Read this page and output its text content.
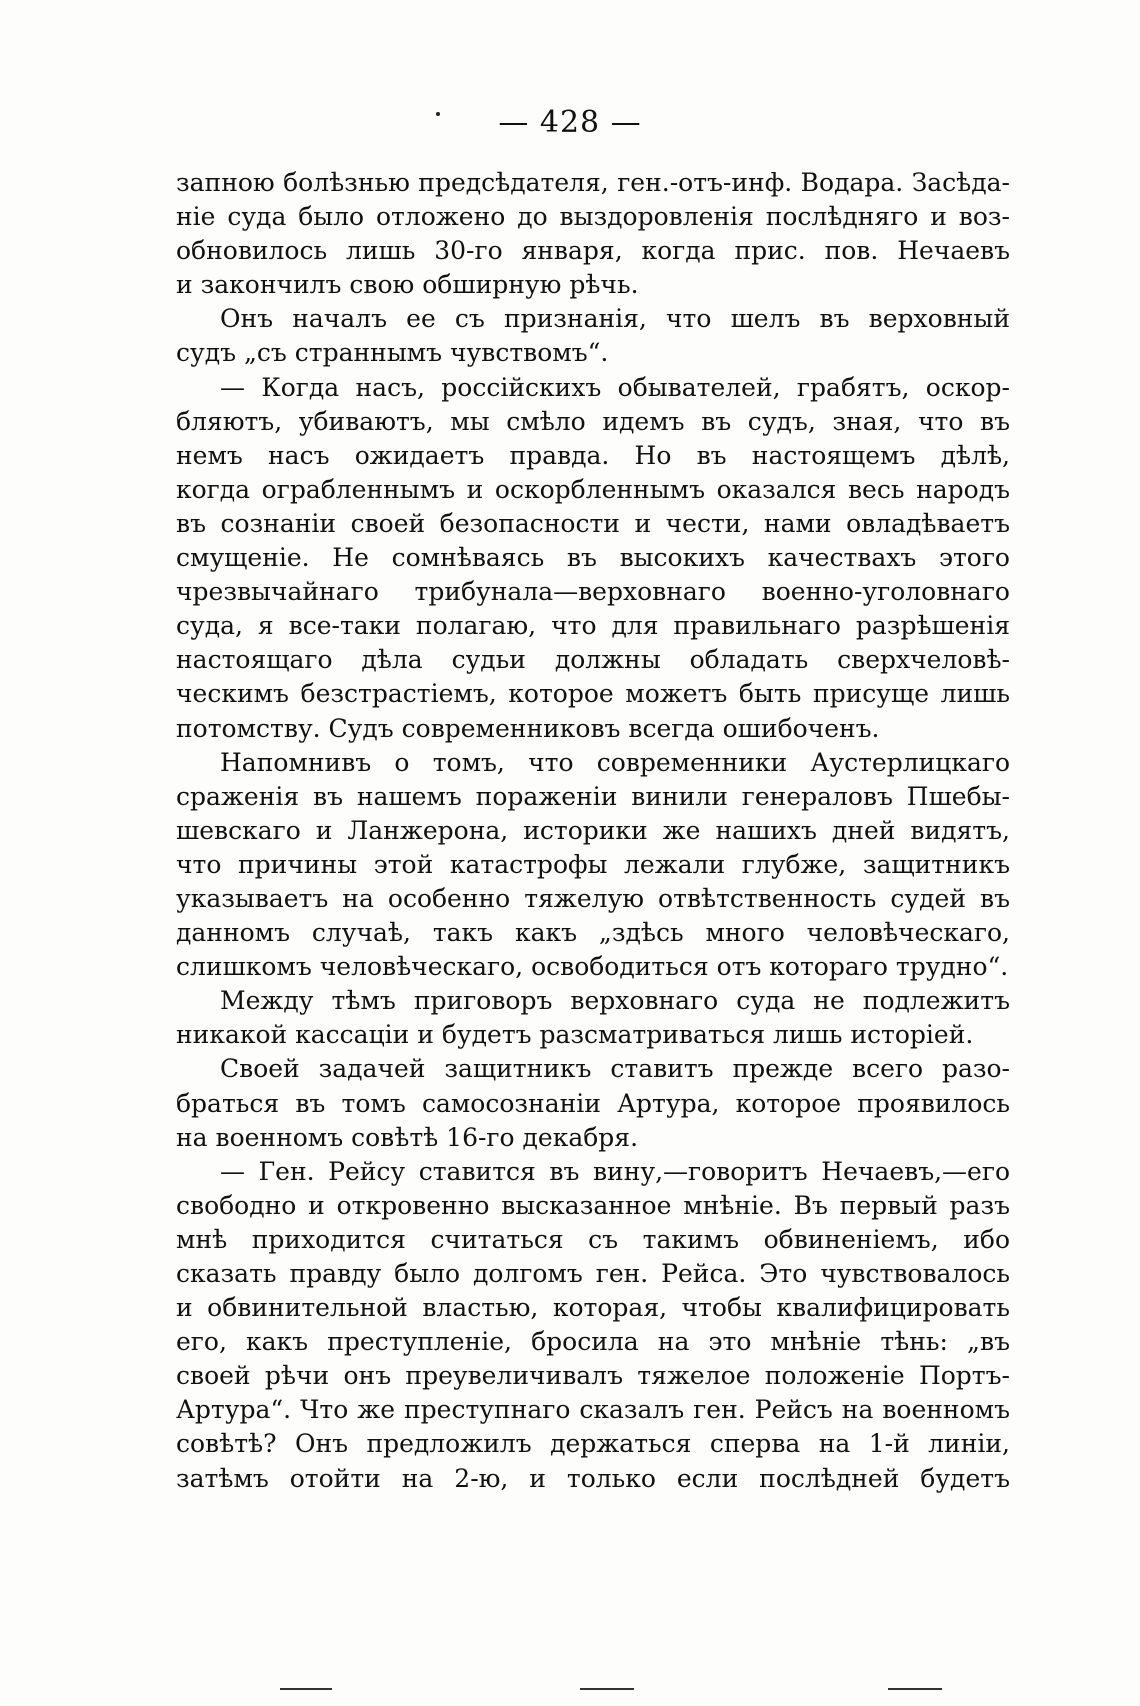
— 428 —
запною болѣзнью предсѣдателя, ген.-отъ-инф. Водара. Засѣда-
ніе суда было отложено до выздоровленія послѣдняго и воз-
обновилось лишь 30-го января, когда прис. пов. Нечаевъ
и закончилъ свою обширную рѣчь.
Онъ началъ ее съ признанія, что шелъ въ верховный
судъ „съ страннымъ чувствомъ“.
— Когда насъ, россійскихъ обывателей, грабятъ, оскор-
бляютъ, убиваютъ, мы смѣло идемъ въ судъ, зная, что въ
немъ насъ ожидаетъ правда. Но въ настоящемъ дѣлѣ,
когда ограбленнымъ и оскорбленнымъ оказался весь народъ
въ сознаніи своей безопасности и чести, нами овладѣваетъ
смущеніе. Не сомнѣваясь въ высокихъ качествахъ этого
чрезвычайнаго трибунала—верховнаго военно-уголовнаго
суда, я все-таки полагаю, что для правильнаго разрѣшенія
настоящаго дѣла судьи должны обладать сверхчеловѣ-
ческимъ безстрастіемъ, которое можетъ быть присуще лишь
потомству. Судъ современниковъ всегда ошибоченъ.
Напомнивъ о томъ, что современники Аустерлицкаго
сраженія въ нашемъ пораженіи винили генераловъ Пшебы-
шевскаго и Ланжерона, историки же нашихъ дней видятъ,
что причины этой катастрофы лежали глубже, защитникъ
указываетъ на особенно тяжелую отвѣтственность судей въ
данномъ случаѣ, такъ какъ „здѣсь много человѣческаго,
слишкомъ человѣческаго, освободиться отъ котораго трудно“.
Между тѣмъ приговоръ верховнаго суда не подлежитъ
никакой кассаціи и будетъ разсматриваться лишь исторіей.
Своей задачей защитникъ ставитъ прежде всего разо-
браться въ томъ самосознаніи Артура, которое проявилось
на военномъ совѣтѣ 16-го декабря.
— Ген. Рейсу ставится въ вину,—говоритъ Нечаевъ,—его
свободно и откровенно высказанное мнѣніе. Въ первый разъ
мнѣ приходится считаться съ такимъ обвиненіемъ, ибо
сказать правду было долгомъ ген. Рейса. Это чувствовалось
и обвинительной властью, которая, чтобы квалифицировать
его, какъ преступленіе, бросила на это мнѣніе тѣнь: „въ
своей рѣчи онъ преувеличивалъ тяжелое положеніе Портъ-
Артура“. Что же преступнаго сказалъ ген. Рейсъ на военномъ
совѣтѣ? Онъ предложилъ держаться сперва на 1-й линіи,
затѣмъ отойти на 2-ю, и только если послѣдней будетъ
